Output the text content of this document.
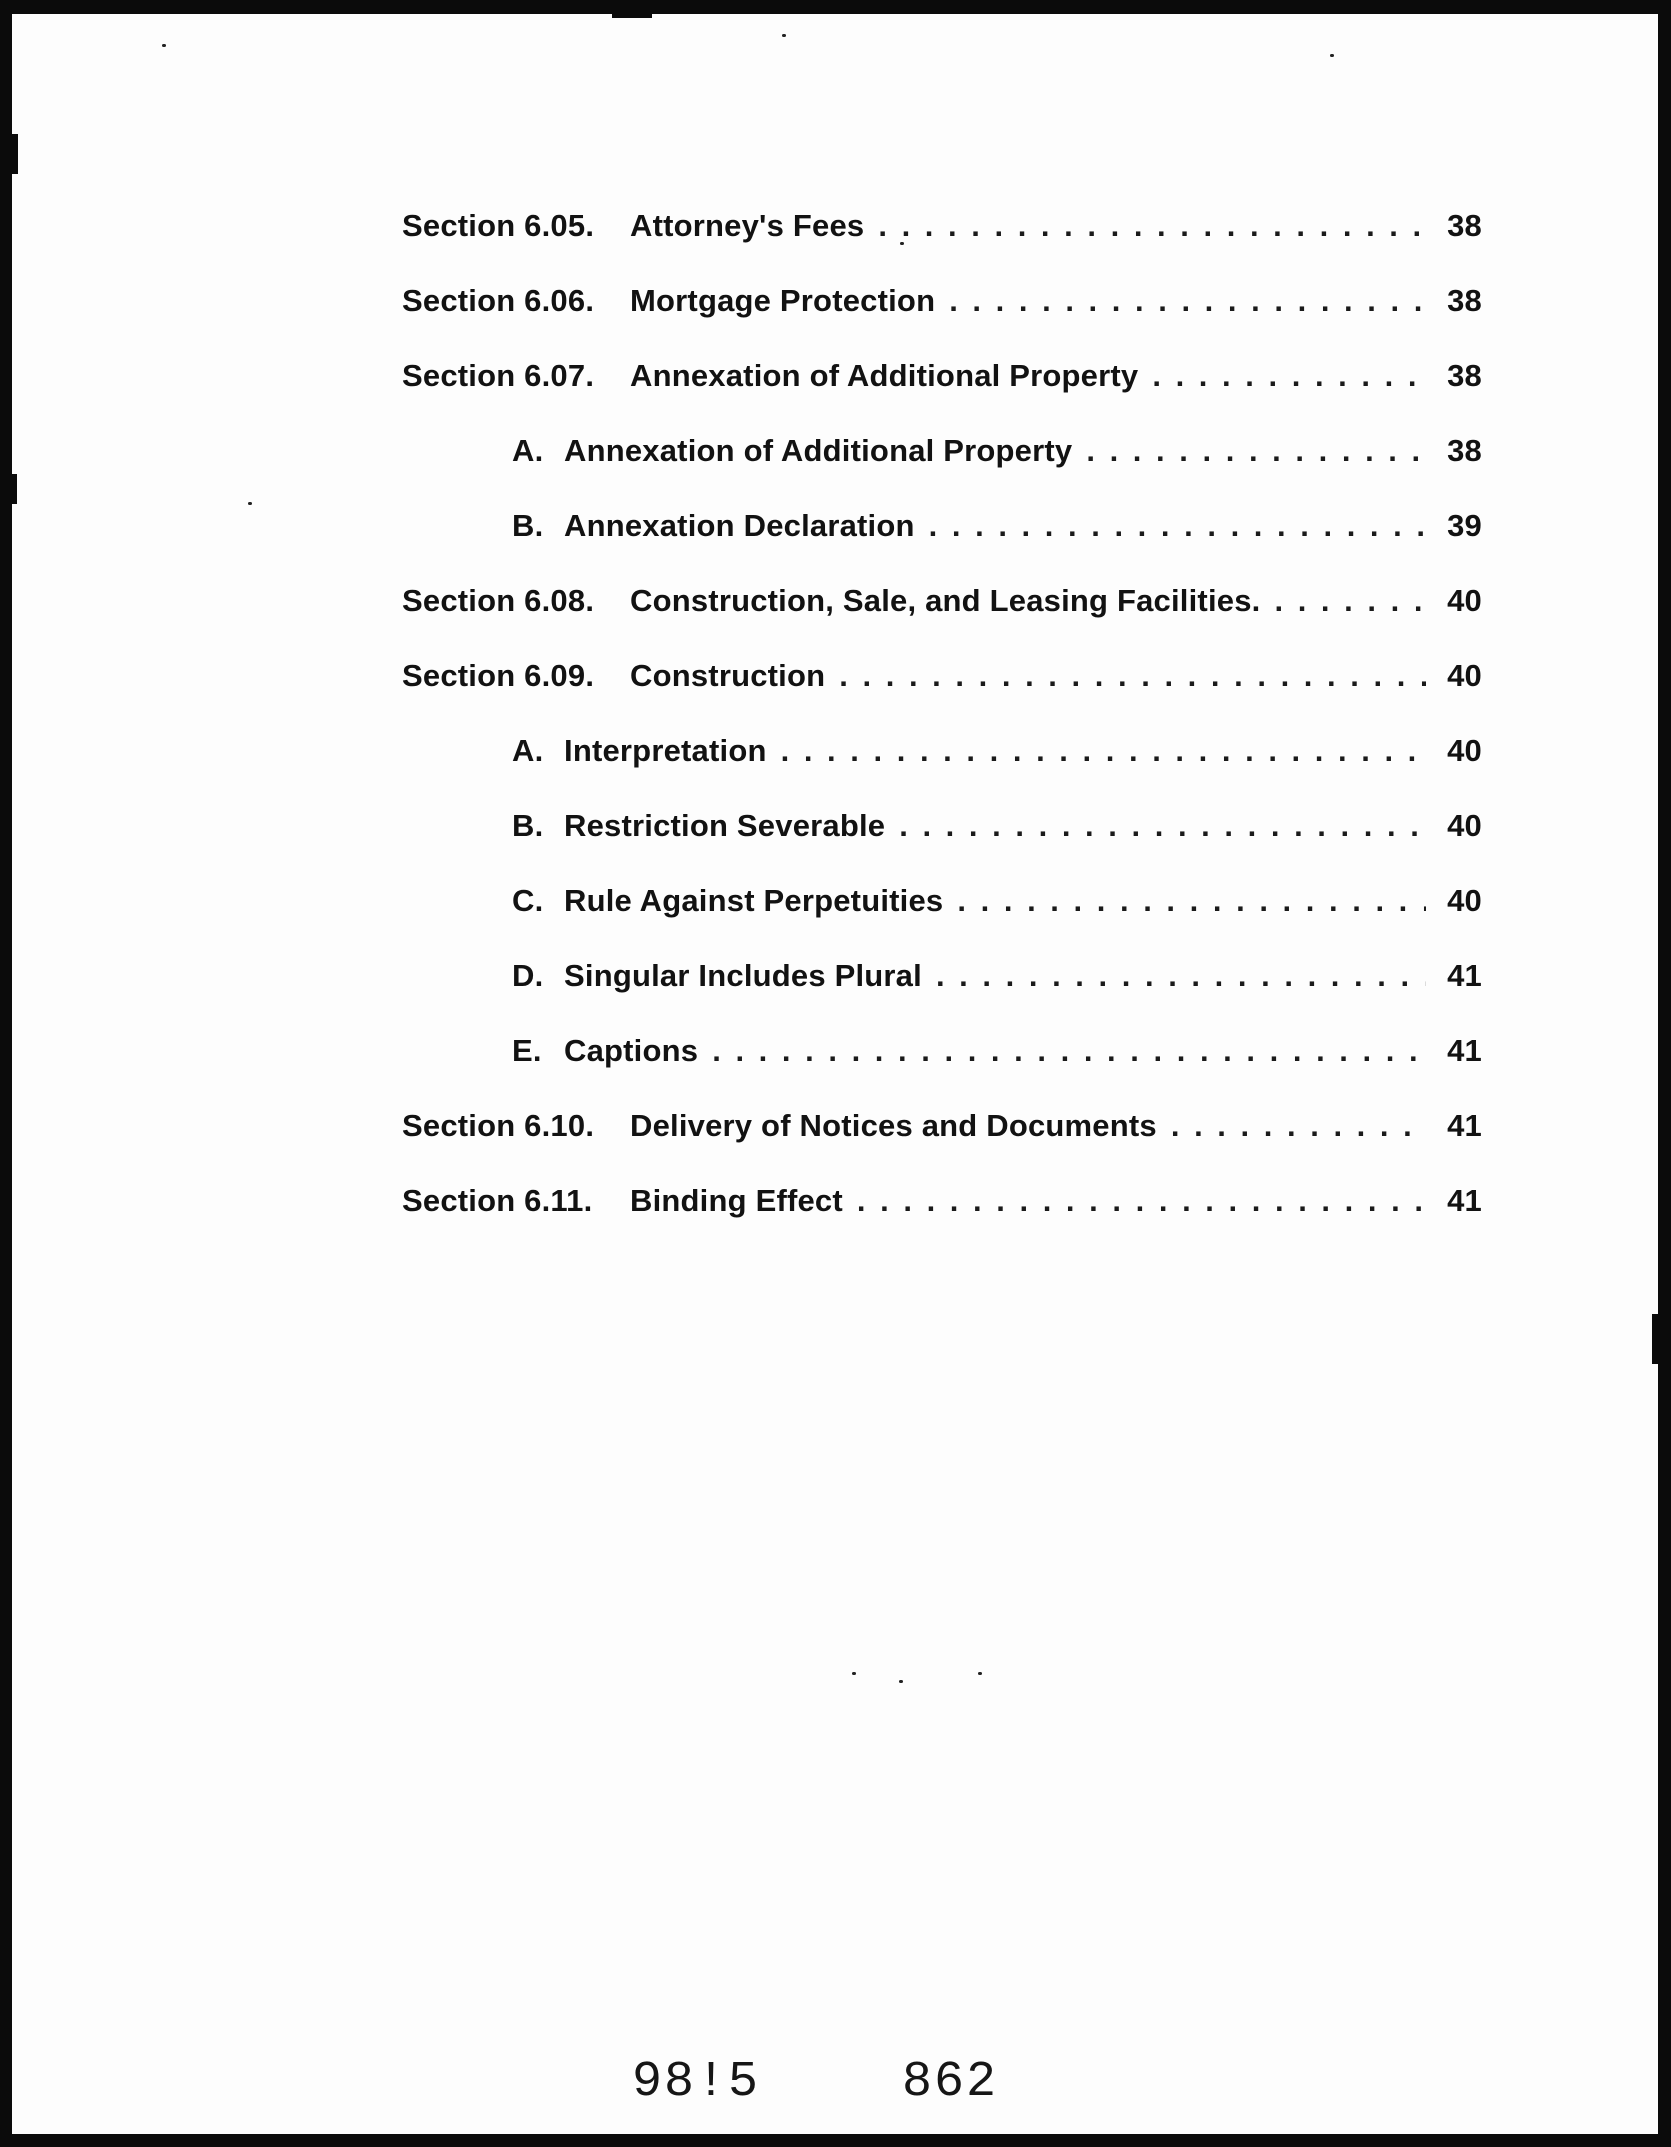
Section 6.05.	Attorney's Fees . . .	38
Section 6.06.	Mortgage Protection . . .	38
Section 6.07.	Annexation of Additional Property . . .	38
A. Annexation of Additional Property . . .	38
B. Annexation Declaration . . .	39
Section 6.08.	Construction, Sale, and Leasing Facilities. . . .	40
Section 6.09.	Construction . . .	40
A. Interpretation . . .	40
B. Restriction Severable . . .	40
C. Rule Against Perpetuities . . .	40
D. Singular Includes Plural . . .	41
E. Captions . . .	41
Section 6.10.	Delivery of Notices and Documents . . .	41
Section 6.11.	Binding Effect . . .	41
98!5	862
